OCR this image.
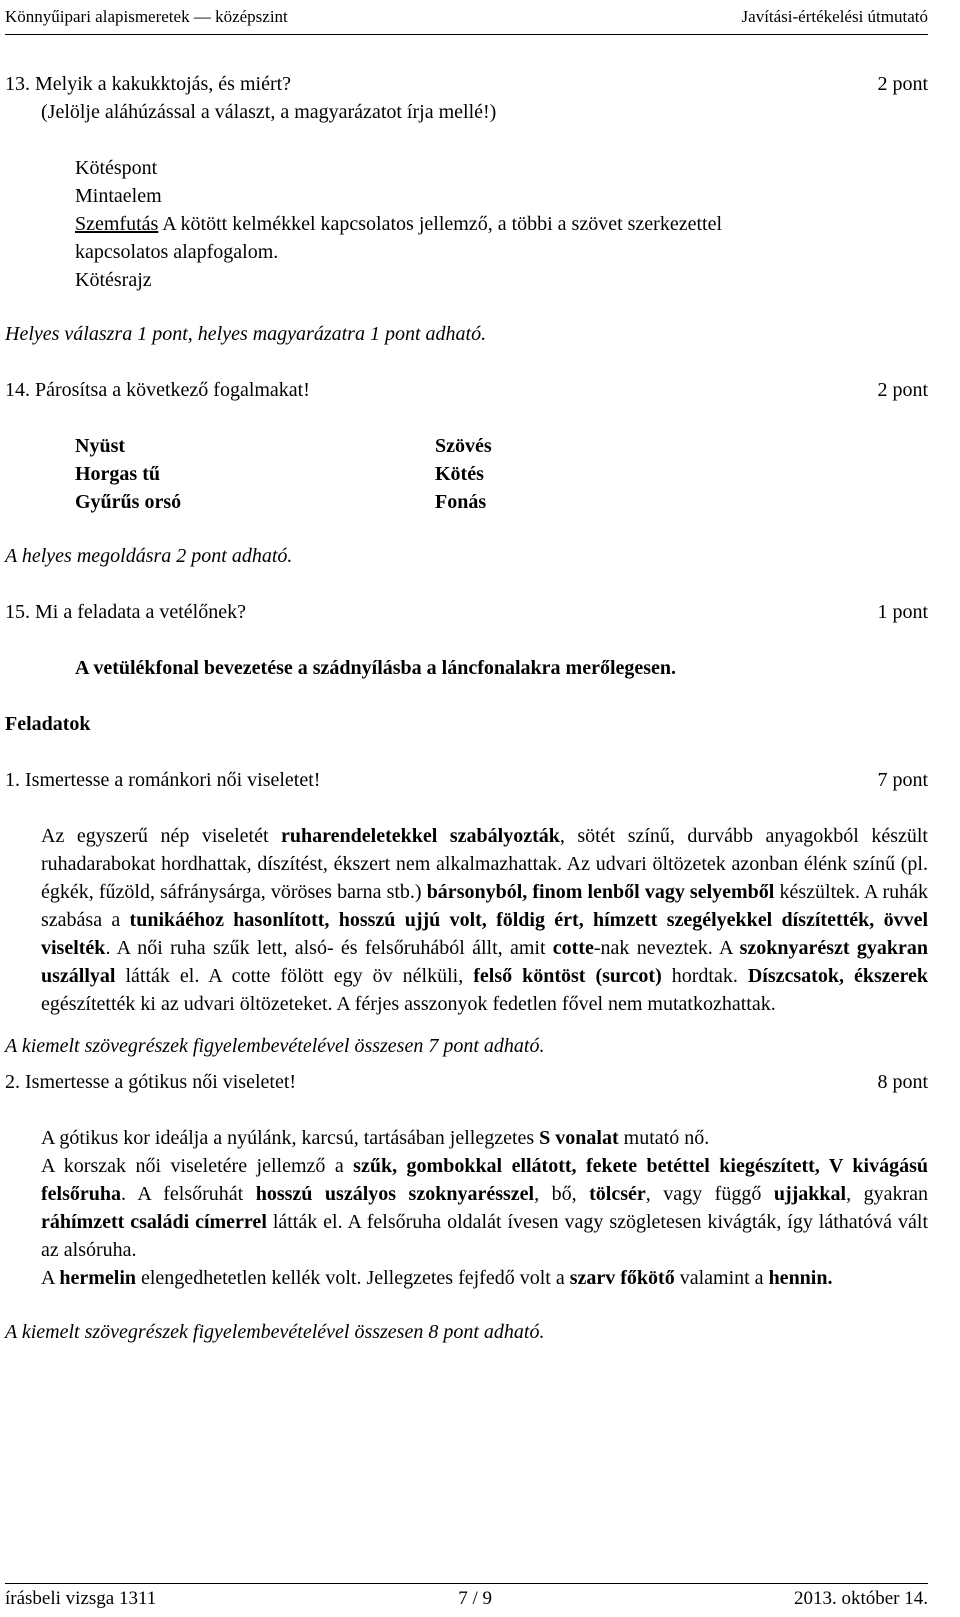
Könnyűipari alapismeretek — középszint	Javítási-értékelési útmutató
13. Melyik a kakukktojás, és miért?	2 pont
(Jelölje aláhúzással a választ, a magyarázatot írja mellé!)
Kötéspont
Mintaelem
Szemfutás A kötött kelmékkel kapcsolatos jellemző, a többi a szövet szerkezettel
kapcsolatos alapfogalom.
Kötésrajz
Helyes válaszra 1 pont, helyes magyarázatra 1 pont adható.
14. Párosítsa a következő fogalmakat!	2 pont
Nyüst	Szövés
Horgas tű	Kötés
Gyűrűs orsó	Fonás
A helyes megoldásra 2 pont adható.
15. Mi a feladata a vetélőnek?	1 pont
A vetülékfonal bevezetése a szádnyílásba a láncfonalakra merőlegesen.
Feladatok
1. Ismertesse a románkori női viseletet!	7 pont
Az egyszerű nép viseletét ruharendeletekkel szabályozták, sötét színű, durvább anyagokból készült ruhadarabokat hordhattak, díszítést, ékszert nem alkalmazhattak. Az udvari öltözetek azonban élénk színű (pl. égkék, fűzöld, sáfránysárga, vöröses barna stb.) bársonyból, finom lenből vagy selyemből készültek. A ruhák szabása a tunikáéhoz hasonlított, hosszú ujjú volt, földig ért, hímzett szegélyekkel díszítették, övvel viselték. A női ruha szűk lett, alsó- és felsőruhából állt, amit cotte-nak neveztek. A szoknyarészt gyakran uszállyal látták el. A cotte fölött egy öv nélküli, felső köntöst (surcot) hordtak. Díszcsatok, ékszerek egészítették ki az udvari öltözeteket. A férjes asszonyok fedetlen fővel nem mutatkozhattak.
A kiemelt szövegrészek figyelembevételével összesen 7 pont adható.
2. Ismertesse a gótikus női viseletet!	8 pont
A gótikus kor ideálja a nyúlánk, karcsú, tartásában jellegzetes S vonalat mutató nő.
A korszak női viseletére jellemző a szűk, gombokkal ellátott, fekete betéttel kiegészített, V kivágású felsőruha. A felsőruhát hosszú uszályos szoknyarésszel, bő, tölcsér, vagy függő ujjakkal, gyakran ráhímzett családi címerrel látták el. A felsőruha oldalát ívesen vagy szögletesen kivágták, így láthatóvá vált az alsóruha.
A hermelin elengedhetetlen kellék volt. Jellegzetes fejfedő volt a szarv főkötő valamint a hennin.
A kiemelt szövegrészek figyelembevételével összesen 8 pont adható.
írásbeli vizsga 1311	7 / 9	2013. október 14.
